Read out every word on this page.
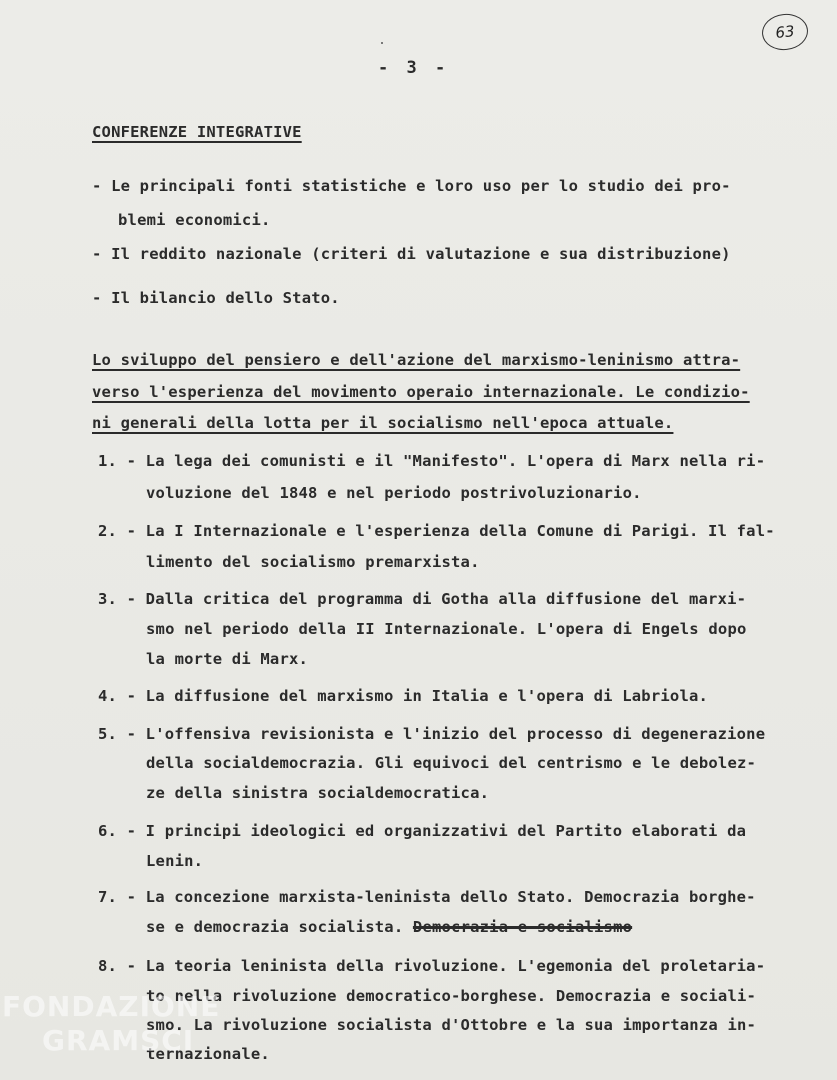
63
- 3 -
CONFERENZE INTEGRATIVE
- Le principali fonti statistiche e loro uso per lo studio dei pro-
blemi economici.
- Il reddito nazionale (criteri di valutazione e sua distribuzione)
- Il bilancio dello Stato.
Lo sviluppo del pensiero e dell'azione del marxismo-leninismo attra-
verso l'esperienza del movimento operaio internazionale. Le condizio-
ni generali della lotta per il socialismo nell'epoca attuale.
1. - La lega dei comunisti e il "Manifesto". L'opera di Marx nella ri-
voluzione del 1848 e nel periodo postrivoluzionario.
2. - La I Internazionale e l'esperienza della Comune di Parigi. Il fal-
limento del socialismo premarxista.
3. - Dalla critica del programma di Gotha alla diffusione del marxi-
smo nel periodo della II Internazionale. L'opera di Engels dopo
la morte di Marx.
4. - La diffusione del marxismo in Italia e l'opera di Labriola.
5. - L'offensiva revisionista e l'inizio del processo di degenerazione
della socialdemocrazia. Gli equivoci del centrismo e le debolez-
ze della sinistra socialdemocratica.
6. - I principi ideologici ed organizzativi del Partito elaborati da
Lenin.
7. - La concezione marxista-leninista dello Stato. Democrazia borghe-
se e democrazia socialista. Democrazia e socialismo
8. - La teoria leninista della rivoluzione. L'egemonia del proletaria-
to nella rivoluzione democratico-borghese. Democrazia e sociali-
smo. La rivoluzione socialista d'Ottobre e la sua importanza in-
ternazionale.
FONDAZIONE
GRAMSCI
